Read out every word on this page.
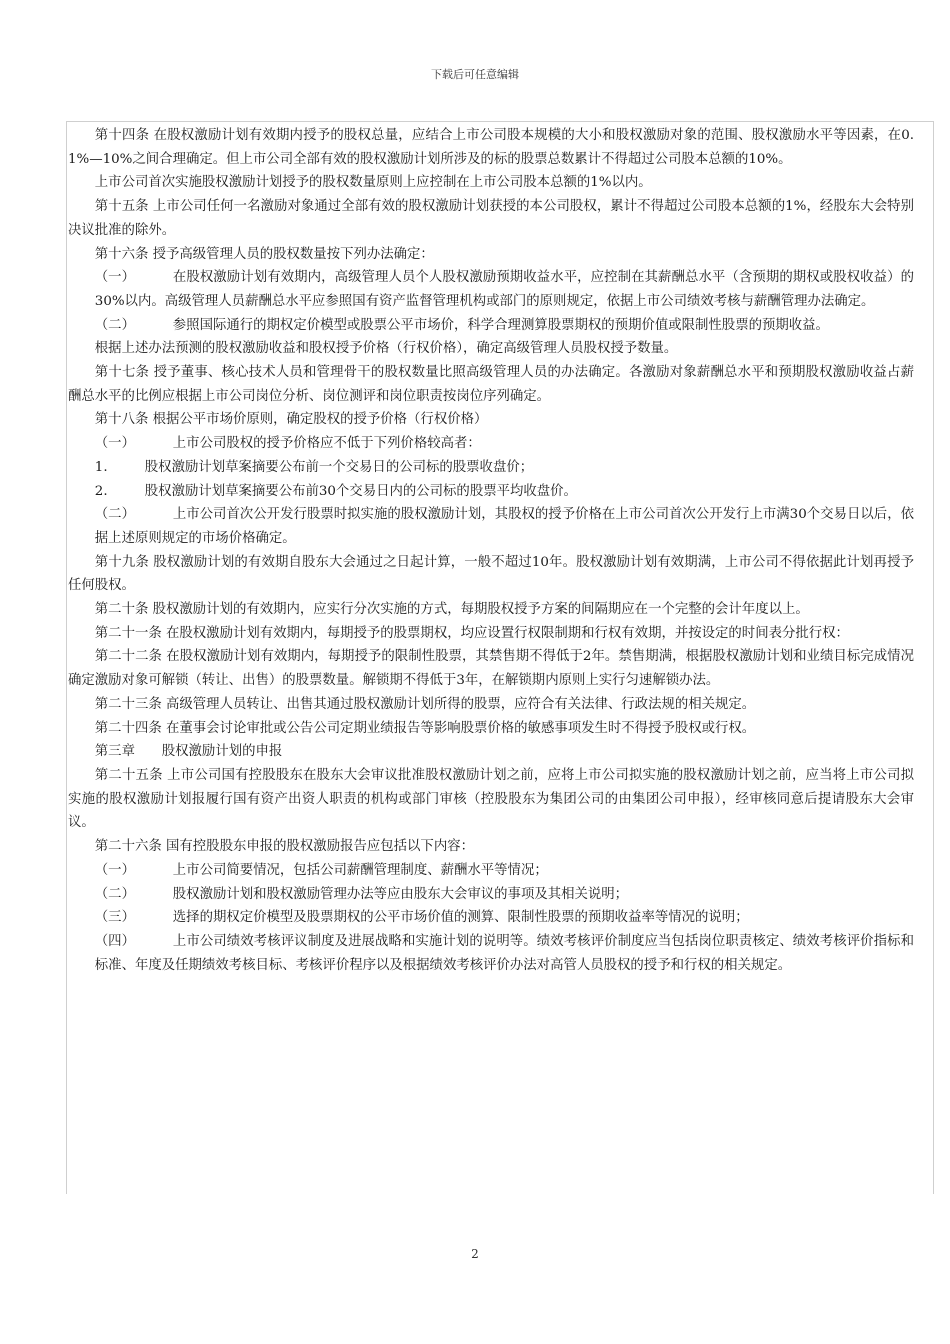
下载后可任意编辑

第十四条 在股权激励计划有效期内授予的股权总量，应结合上市公司股本规模的大小和股权激励对象的范围、股权激励水平等因素，在0.1%—10%之间合理确定。但上市公司全部有效的股权激励计划所涉及的标的股票总数累计不得超过公司股本总额的10%。

上市公司首次实施股权激励计划授予的股权数量原则上应控制在上市公司股本总额的1%以内。

第十五条 上市公司任何一名激励对象通过全部有效的股权激励计划获授的本公司股权，累计不得超过公司股本总额的1%，经股东大会特别决议批准的除外。

第十六条 授予高级管理人员的股权数量按下列办法确定：

（一）	在股权激励计划有效期内，高级管理人员个人股权激励预期收益水平，应控制在其薪酬总水平（含预期的期权或股权收益）的30%以内。高级管理人员薪酬总水平应参照国有资产监督管理机构或部门的原则规定，依据上市公司绩效考核与薪酬管理办法确定。

（二）	参照国际通行的期权定价模型或股票公平市场价，科学合理测算股票期权的预期价值或限制性股票的预期收益。

根据上述办法预测的股权激励收益和股权授予价格（行权价格），确定高级管理人员股权授予数量。

第十七条 授予董事、核心技术人员和管理骨干的股权数量比照高级管理人员的办法确定。各激励对象薪酬总水平和预期股权激励收益占薪酬总水平的比例应根据上市公司岗位分析、岗位测评和岗位职责按岗位序列确定。

第十八条 根据公平市场价原则，确定股权的授予价格（行权价格）

（一）	上市公司股权的授予价格应不低于下列价格较高者：

1.	股权激励计划草案摘要公布前一个交易日的公司标的股票收盘价；

2.	股权激励计划草案摘要公布前30个交易日内的公司标的股票平均收盘价。

（二）	上市公司首次公开发行股票时拟实施的股权激励计划，其股权的授予价格在上市公司首次公开发行上市满30个交易日以后，依据上述原则规定的市场价格确定。

第十九条 股权激励计划的有效期自股东大会通过之日起计算，一般不超过10年。股权激励计划有效期满，上市公司不得依据此计划再授予任何股权。

第二十条 股权激励计划的有效期内，应实行分次实施的方式，每期股权授予方案的间隔期应在一个完整的会计年度以上。

第二十一条 在股权激励计划有效期内，每期授予的股票期权，均应设置行权限制期和行权有效期，并按设定的时间表分批行权：

第二十二条 在股权激励计划有效期内，每期授予的限制性股票，其禁售期不得低于2年。禁售期满，根据股权激励计划和业绩目标完成情况确定激励对象可解锁（转让、出售）的股票数量。解锁期不得低于3年，在解锁期内原则上实行匀速解锁办法。

第二十三条 高级管理人员转让、出售其通过股权激励计划所得的股票，应符合有关法律、行政法规的相关规定。

第二十四条 在董事会讨论审批或公告公司定期业绩报告等影响股票价格的敏感事项发生时不得授予股权或行权。

第三章　　股权激励计划的申报

第二十五条 上市公司国有控股股东在股东大会审议批准股权激励计划之前，应将上市公司拟实施的股权激励计划之前，应当将上市公司拟实施的股权激励计划报履行国有资产出资人职责的机构或部门审核（控股股东为集团公司的由集团公司申报），经审核同意后提请股东大会审议。

第二十六条 国有控股股东申报的股权激励报告应包括以下内容：

（一）	上市公司简要情况，包括公司薪酬管理制度、薪酬水平等情况；

（二）	股权激励计划和股权激励管理办法等应由股东大会审议的事项及其相关说明；

（三）	选择的期权定价模型及股票期权的公平市场价值的测算、限制性股票的预期收益率等情况的说明；

（四）	上市公司绩效考核评议制度及进展战略和实施计划的说明等。绩效考核评价制度应当包括岗位职责核定、绩效考核评价指标和标准、年度及任期绩效考核目标、考核评价程序以及根据绩效考核评价办法对高管人员股权的授予和行权的相关规定。

2
